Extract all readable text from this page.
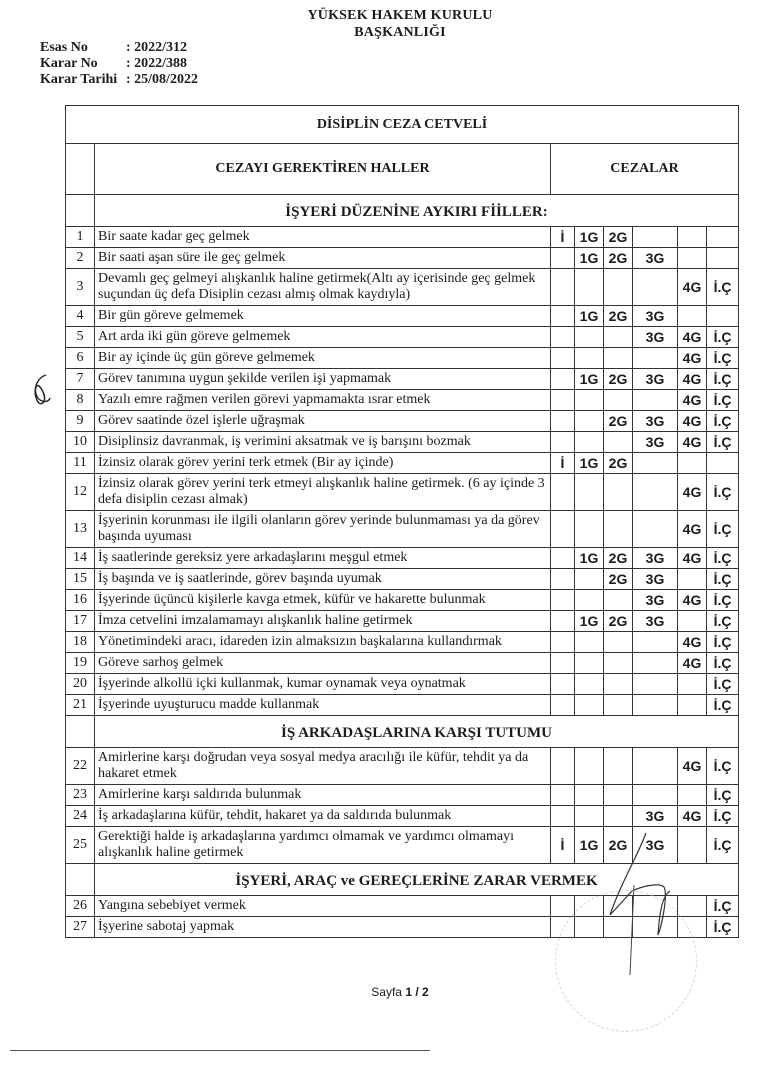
YÜKSEK HAKEM KURULU
BAŞKANLIĞI
Esas No	: 2022/312
Karar No	: 2022/388
Karar Tarihi : 25/08/2022
DİSİPLİN CEZA CETVELİ							
	CEZAYI GEREKTİREN HALLER	CEZALAR					
	İŞYERİ DÜZENİNE AYKIRI FİİLLER:						
1	Bir saate kadar geç gelmek	İ	1G	2G			
2	Bir saati aşan süre ile geç gelmek		1G	2G	3G		
3	Devamlı geç gelmeyi alışkanlık haline getirmek(Altı ay içerisinde geç gelmek suçundan üç defa Disiplin cezası almış olmak kaydıyla)					4G	İ.Ç
4	Bir gün göreve gelmemek		1G	2G	3G		
5	Art arda iki gün göreve gelmemek				3G	4G	İ.Ç
6	Bir ay içinde üç gün göreve gelmemek					4G	İ.Ç
7	Görev tanımına uygun şekilde verilen işi yapmamak		1G	2G	3G	4G	İ.Ç
8	Yazılı emre rağmen verilen görevi yapmamakta ısrar etmek					4G	İ.Ç
9	Görev saatinde özel işlerle uğraşmak			2G	3G	4G	İ.Ç
10	Disiplinsiz davranmak, iş verimini aksatmak ve iş barışını bozmak				3G	4G	İ.Ç
11	İzinsiz olarak görev yerini terk etmek (Bir ay içinde)	İ	1G	2G			
12	İzinsiz olarak görev yerini terk etmeyi alışkanlık haline getirmek. (6 ay içinde 3 defa disiplin cezası almak)					4G	İ.Ç
13	İşyerinin korunması ile ilgili olanların görev yerinde bulunmaması ya da görev başında uyuması					4G	İ.Ç
14	İş saatlerinde gereksiz yere arkadaşlarını meşgul etmek		1G	2G	3G	4G	İ.Ç
15	İş başında ve iş saatlerinde, görev başında uyumak			2G	3G		İ.Ç
16	İşyerinde üçüncü kişilerle kavga etmek, küfür ve hakarette bulunmak				3G	4G	İ.Ç
17	İmza cetvelini imzalamamayı alışkanlık haline getirmek		1G	2G	3G		İ.Ç
18	Yönetimindeki aracı, idareden izin almaksızın başkalarına kullandırmak					4G	İ.Ç
19	Göreve sarhoş gelmek					4G	İ.Ç
20	İşyerinde alkollü içki kullanmak, kumar oynamak veya oynatmak						İ.Ç
21	İşyerinde uyuşturucu madde kullanmak						İ.Ç
	İŞ ARKADAŞLARINA KARŞI TUTUMU						
22	Amirlerine karşı doğrudan veya sosyal medya aracılığı ile küfür, tehdit ya da hakaret etmek					4G	İ.Ç
23	Amirlerine karşı saldırıda bulunmak						İ.Ç
24	İş arkadaşlarına küfür, tehdit, hakaret ya da saldırıda bulunmak				3G	4G	İ.Ç
25	Gerektiği halde iş arkadaşlarına yardımcı olmamak ve yardımcı olmamayı alışkanlık haline getirmek	İ	1G	2G	3G		İ.Ç
	İŞYERİ, ARAÇ ve GEREÇLERİNE ZARAR VERMEK						
26	Yangına sebebiyet vermek						İ.Ç
27	İşyerine sabotaj yapmak						İ.Ç
Sayfa 1 / 2
